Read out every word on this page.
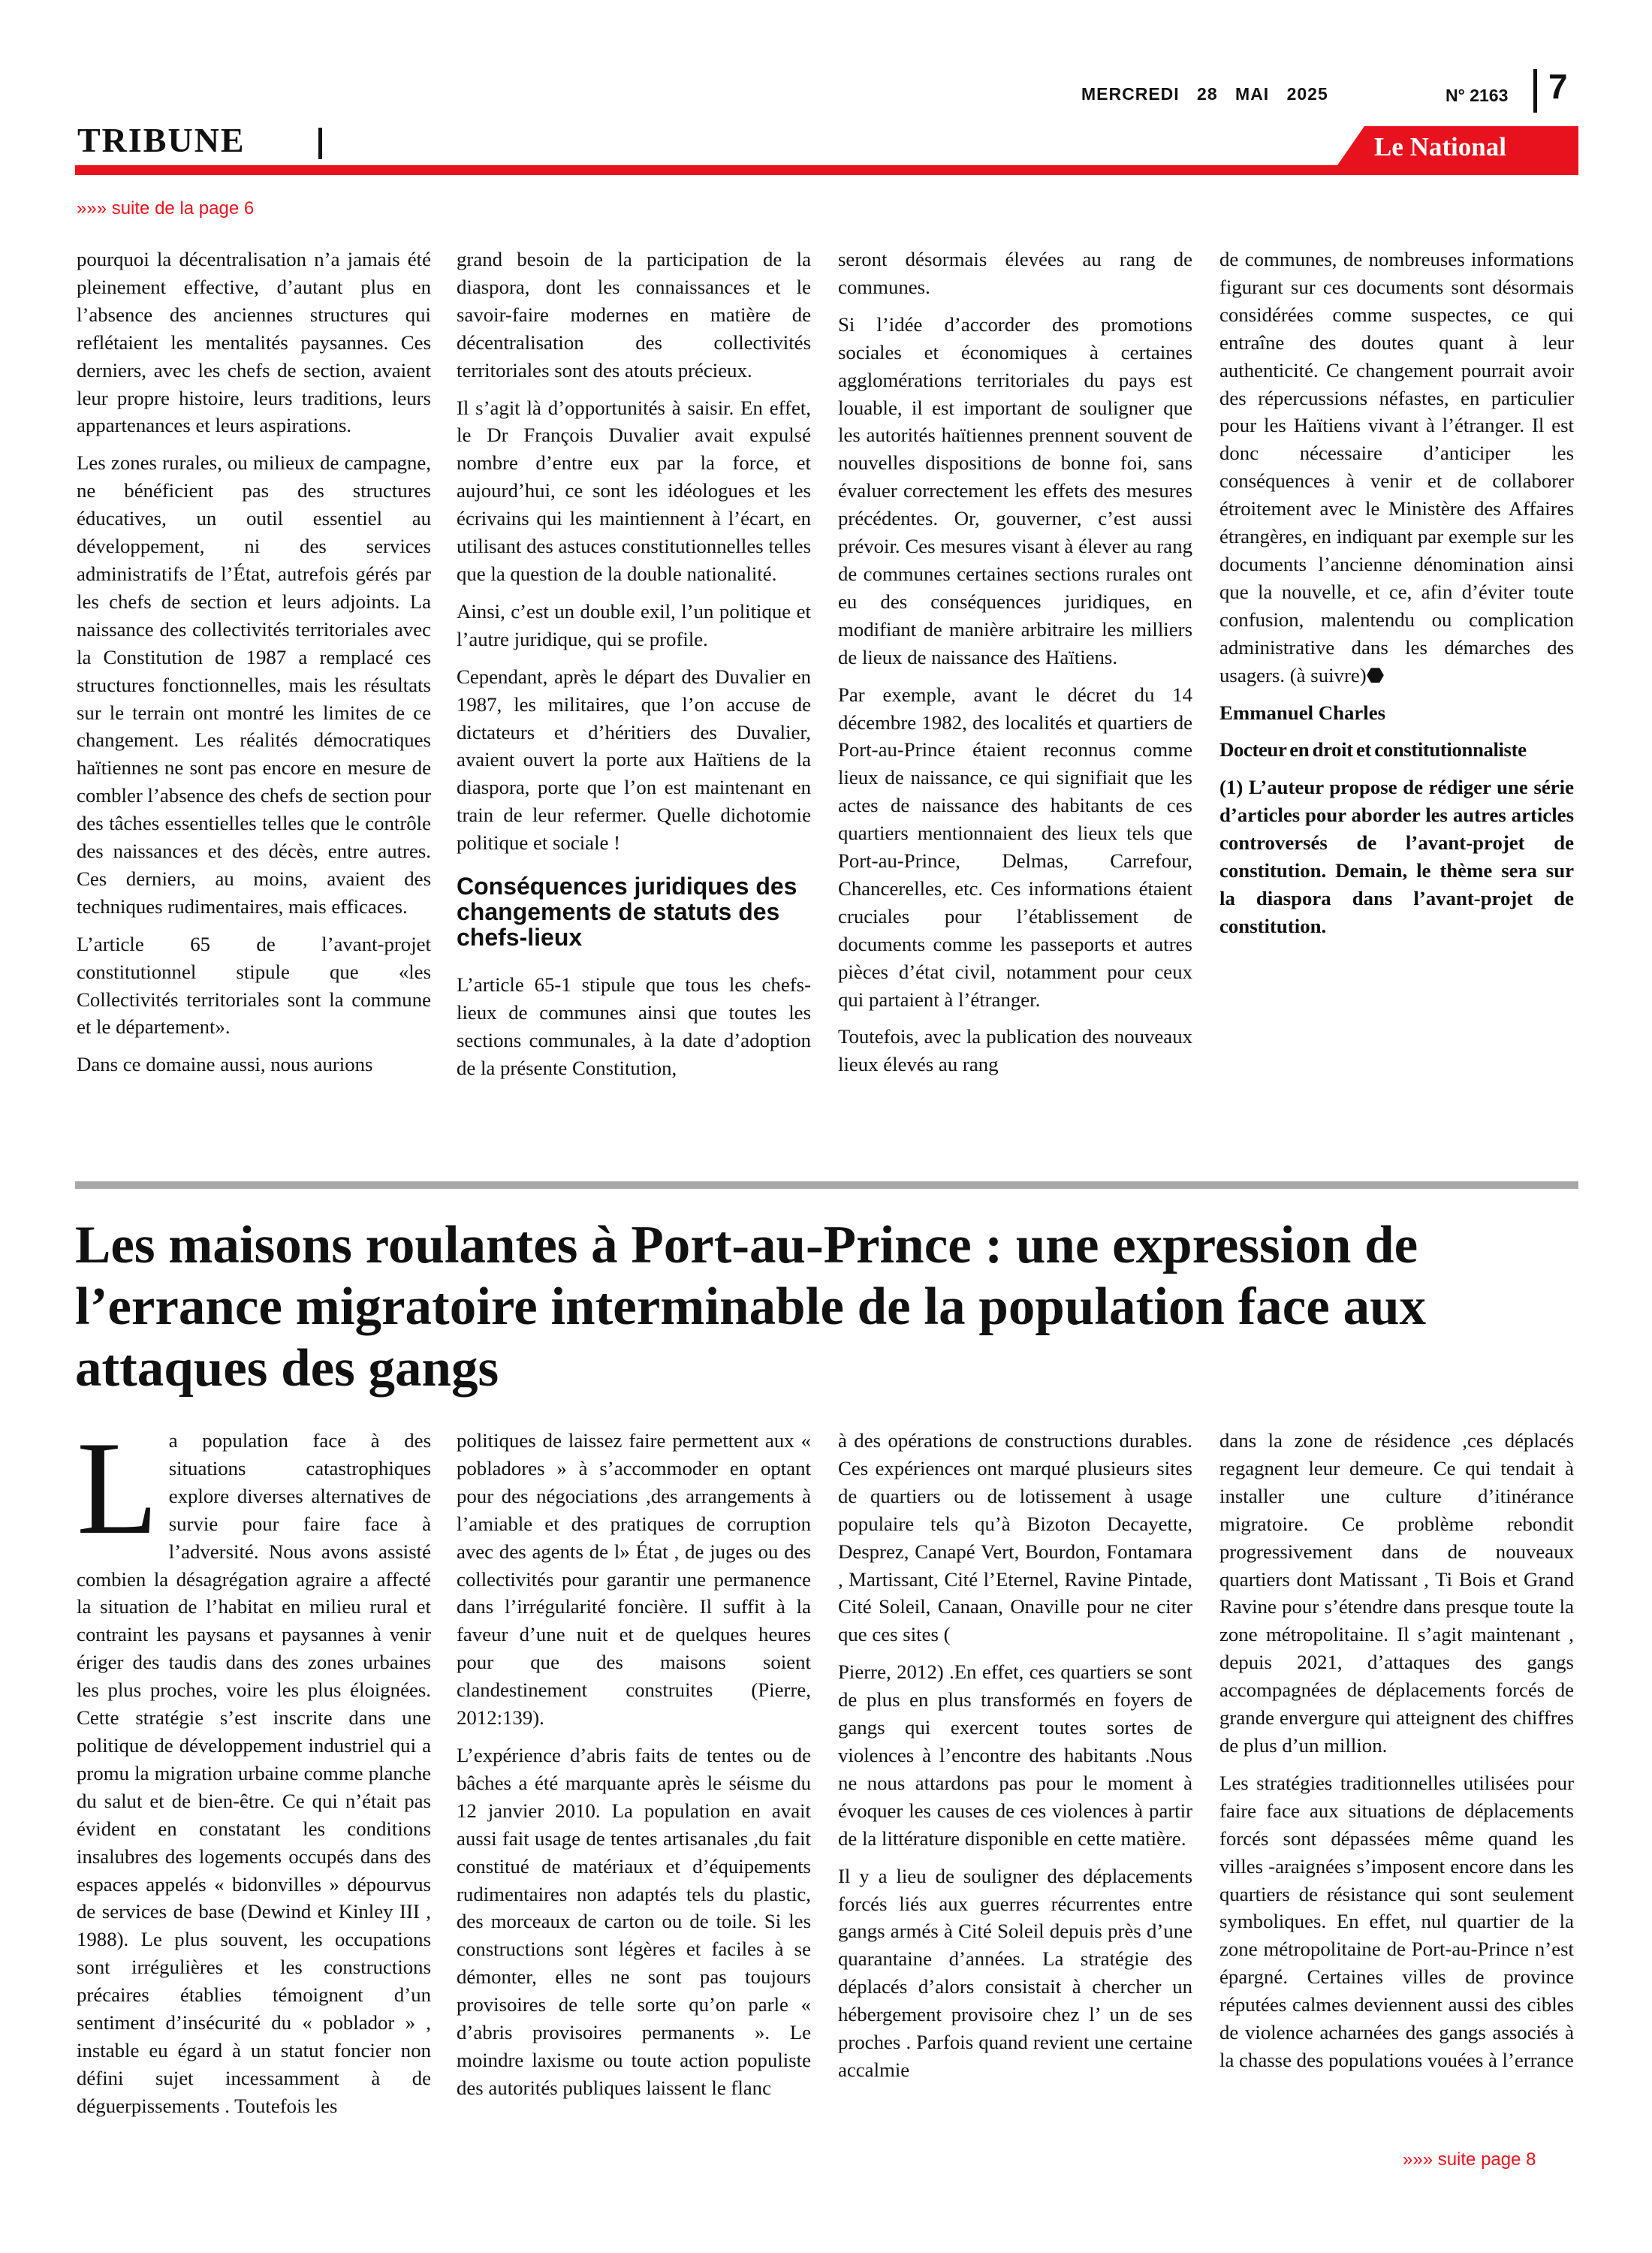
MERCREDI 28 MAI 2025	N° 2163 7
TRIBUNE	Le National
»»» suite de la page 6

pourquoi la décentralisation n’a jamais été pleinement effective, d’autant plus en l’absence des anciennes structures qui reflétaient les mentalités paysannes. Ces derniers, avec les chefs de section, avaient leur propre histoire, leurs traditions, leurs appartenances et leurs aspirations.

Les zones rurales, ou milieux de campagne, ne bénéficient pas des structures éducatives, un outil essentiel au développement, ni des services administratifs de l’État, autrefois gérés par les chefs de section et leurs adjoints. La naissance des collectivités territoriales avec la Constitution de 1987 a remplacé ces structures fonctionnelles, mais les résultats sur le terrain ont montré les limites de ce changement. Les réalités démocratiques haïtiennes ne sont pas encore en mesure de combler l’absence des chefs de section pour des tâches essentielles telles que le contrôle des naissances et des décès, entre autres. Ces derniers, au moins, avaient des techniques rudimentaires, mais efficaces.

L’article 65 de l’avant-projet constitutionnel stipule que «les Collectivités territoriales sont la commune et le département».

Dans ce domaine aussi, nous aurions

grand besoin de la participation de la diaspora, dont les connaissances et le savoir-faire modernes en matière de décentralisation des collectivités territoriales sont des atouts précieux.

Il s’agit là d’opportunités à saisir. En effet, le Dr François Duvalier avait expulsé nombre d’entre eux par la force, et aujourd’hui, ce sont les idéologues et les écrivains qui les maintiennent à l’écart, en utilisant des astuces constitutionnelles telles que la question de la double nationalité.

Ainsi, c’est un double exil, l’un politique et l’autre juridique, qui se profile.

Cependant, après le départ des Duvalier en 1987, les militaires, que l’on accuse de dictateurs et d’héritiers des Duvalier, avaient ouvert la porte aux Haïtiens de la diaspora, porte que l’on est maintenant en train de leur refermer. Quelle dichotomie politique et sociale !

Conséquences juridiques des changements de statuts des chefs-lieux

L’article 65-1 stipule que tous les chefs-lieux de communes ainsi que toutes les sections communales, à la date d’adoption de la présente Constitution,

seront désormais élevées au rang de communes.

Si l’idée d’accorder des promotions sociales et économiques à certaines agglomérations territoriales du pays est louable, il est important de souligner que les autorités haïtiennes prennent souvent de nouvelles dispositions de bonne foi, sans évaluer correctement les effets des mesures précédentes. Or, gouverner, c’est aussi prévoir. Ces mesures visant à élever au rang de communes certaines sections rurales ont eu des conséquences juridiques, en modifiant de manière arbitraire les milliers de lieux de naissance des Haïtiens.

Par exemple, avant le décret du 14 décembre 1982, des localités et quartiers de Port-au-Prince étaient reconnus comme lieux de naissance, ce qui signifiait que les actes de naissance des habitants de ces quartiers mentionnaient des lieux tels que Port-au-Prince, Delmas, Carrefour, Chancerelles, etc. Ces informations étaient cruciales pour l’établissement de documents comme les passeports et autres pièces d’état civil, notamment pour ceux qui partaient à l’étranger.

Toutefois, avec la publication des nouveaux lieux élevés au rang

de communes, de nombreuses informations figurant sur ces documents sont désormais considérées comme suspectes, ce qui entraîne des doutes quant à leur authenticité. Ce changement pourrait avoir des répercussions néfastes, en particulier pour les Haïtiens vivant à l’étranger. Il est donc nécessaire d’anticiper les conséquences à venir et de collaborer étroitement avec le Ministère des Affaires étrangères, en indiquant par exemple sur les documents l’ancienne dénomination ainsi que la nouvelle, et ce, afin d’éviter toute confusion, malentendu ou complication administrative dans les démarches des usagers. (à suivre)⬣

Emmanuel Charles

Docteur en droit et constitutionnaliste

(1) L’auteur propose de rédiger une série d’articles pour aborder les autres articles controversés de l’avant-projet de constitution. Demain, le thème sera sur la diaspora dans l’avant-projet de constitution.

Les maisons roulantes à Port-au-Prince : une expression de l’errance migratoire interminable de la population face aux attaques des gangs

La population face à des situations catastrophiques explore diverses alternatives de survie pour faire face à l’adversité. Nous avons assisté combien la désagrégation agraire a affecté la situation de l’habitat en milieu rural et contraint les paysans et paysannes à venir ériger des taudis dans des zones urbaines les plus proches, voire les plus éloignées. Cette stratégie s’est inscrite dans une politique de développement industriel qui a promu la migration urbaine comme planche du salut et de bien-être. Ce qui n’était pas évident en constatant les conditions insalubres des logements occupés dans des espaces appelés « bidonvilles » dépourvus de services de base (Dewind et Kinley III , 1988). Le plus souvent, les occupations sont irrégulières et les constructions précaires établies témoignent d’un sentiment d’insécurité du « poblador » , instable eu égard à un statut foncier non défini sujet incessamment à de déguerpissements . Toutefois les

politiques de laissez faire permettent aux « pobladores » à s’accommoder en optant pour des négociations ,des arrangements à l’amiable et des pratiques de corruption avec des agents de l» État , de juges ou des collectivités pour garantir une permanence dans l’irrégularité foncière. Il suffit à la faveur d’une nuit et de quelques heures pour que des maisons soient clandestinement construites (Pierre, 2012:139).

L’expérience d’abris faits de tentes ou de bâches a été marquante après le séisme du 12 janvier 2010. La population en avait aussi fait usage de tentes artisanales ,du fait constitué de matériaux et d’équipements rudimentaires non adaptés tels du plastic, des morceaux de carton ou de toile. Si les constructions sont légères et faciles à se démonter, elles ne sont pas toujours provisoires de telle sorte qu’on parle « d’abris provisoires permanents ». Le moindre laxisme ou toute action populiste des autorités publiques laissent le flanc

à des opérations de constructions durables. Ces expériences ont marqué plusieurs sites de quartiers ou de lotissement à usage populaire tels qu’à Bizoton Decayette, Desprez, Canapé Vert, Bourdon, Fontamara , Martissant, Cité l’Eternel, Ravine Pintade, Cité Soleil, Canaan, Onaville pour ne citer que ces sites (

Pierre, 2012) .En effet, ces quartiers se sont de plus en plus transformés en foyers de gangs qui exercent toutes sortes de violences à l’encontre des habitants .Nous ne nous attardons pas pour le moment à évoquer les causes de ces violences à partir de la littérature disponible en cette matière.

Il y a lieu de souligner des déplacements forcés liés aux guerres récurrentes entre gangs armés à Cité Soleil depuis près d’une quarantaine d’années. La stratégie des déplacés d’alors consistait à chercher un hébergement provisoire chez l’ un de ses proches . Parfois quand revient une certaine accalmie

dans la zone de résidence ,ces déplacés regagnent leur demeure. Ce qui tendait à installer une culture d’itinérance migratoire. Ce problème rebondit progressivement dans de nouveaux quartiers dont Matissant , Ti Bois et Grand Ravine pour s’étendre dans presque toute la zone métropolitaine. Il s’agit maintenant , depuis 2021, d’attaques des gangs accompagnées de déplacements forcés de grande envergure qui atteignent des chiffres de plus d’un million.

Les stratégies traditionnelles utilisées pour faire face aux situations de déplacements forcés sont dépassées même quand les villes -araignées s’imposent encore dans les quartiers de résistance qui sont seulement symboliques. En effet, nul quartier de la zone métropolitaine de Port-au-Prince n’est épargné. Certaines villes de province réputées calmes deviennent aussi des cibles de violence acharnées des gangs associés à la chasse des populations vouées à l’errance

»»» suite page 8
